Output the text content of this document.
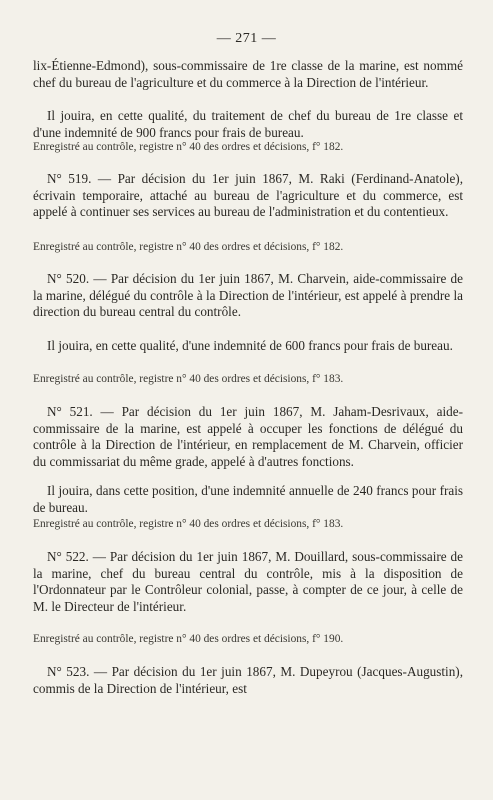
— 271 —

lix-Étienne-Edmond), sous-commissaire de 1re classe de la marine, est nommé chef du bureau de l'agriculture et du commerce à la Direction de l'intérieur.

Il jouira, en cette qualité, du traitement de chef du bureau de 1re classe et d'une indemnité de 900 francs pour frais de bureau.

Enregistré au contrôle, registre n° 40 des ordres et décisions, f° 182.

N° 519. — Par décision du 1er juin 1867, M. Raki (Ferdinand-Anatole), écrivain temporaire, attaché au bureau de l'agriculture et du commerce, est appelé à continuer ses services au bureau de l'administration et du contentieux.

Enregistré au contrôle, registre n° 40 des ordres et décisions, f° 182.

N° 520. — Par décision du 1er juin 1867, M. Charvein, aide-commissaire de la marine, délégué du contrôle à la Direction de l'intérieur, est appelé à prendre la direction du bureau central du contrôle.

Il jouira, en cette qualité, d'une indemnité de 600 francs pour frais de bureau.

Enregistré au contrôle, registre n° 40 des ordres et décisions, f° 183.

N° 521. — Par décision du 1er juin 1867, M. Jaham-Desrivaux, aide-commissaire de la marine, est appelé à occuper les fonctions de délégué du contrôle à la Direction de l'intérieur, en remplacement de M. Charvein, officier du commissariat du même grade, appelé à d'autres fonctions.

Il jouira, dans cette position, d'une indemnité annuelle de 240 francs pour frais de bureau.

Enregistré au contrôle, registre n° 40 des ordres et décisions, f° 183.

N° 522. — Par décision du 1er juin 1867, M. Douillard, sous-commissaire de la marine, chef du bureau central du contrôle, mis à la disposition de l'Ordonnateur par le Contrôleur colonial, passe, à compter de ce jour, à celle de M. le Directeur de l'intérieur.

Enregistré au contrôle, registre n° 40 des ordres et décisions, f° 190.

N° 523. — Par décision du 1er juin 1867, M. Dupeyrou (Jacques-Augustin), commis de la Direction de l'intérieur, est
